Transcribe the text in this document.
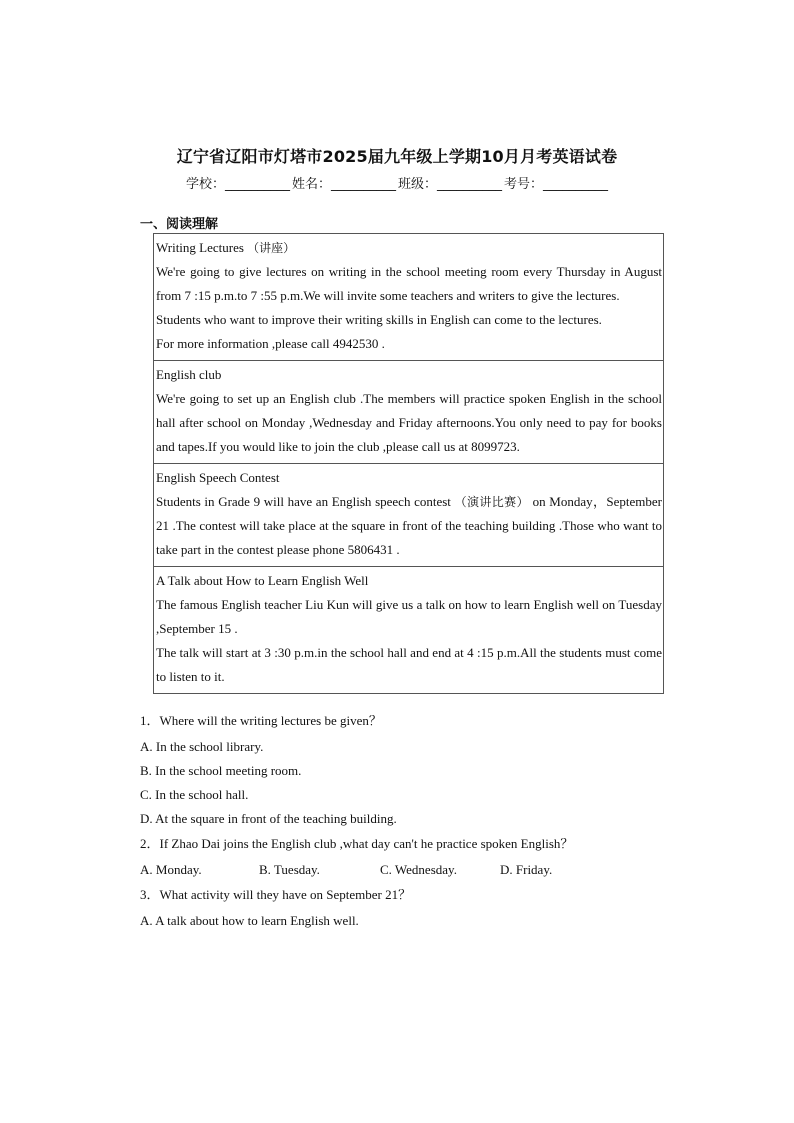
辽宁省辽阳市灯塔市2025届九年级上学期10月月考英语试卷
学校：__________ 姓名：__________ 班级：__________ 考号：__________
一、阅读理解
Writing Lectures （讲座）
We're going to give lectures on writing in the school meeting room every Thursday in August from 7 :15 p.m.to 7 :55 p.m.We will invite some teachers and writers to give the lectures.
Students who want to improve their writing skills in English can come to the lectures.
For more information ,please call 4942530 .

English club
We're going to set up an English club .The members will practice spoken English in the school hall after school on Monday ,Wednesday and Friday afternoons.You only need to pay for books and tapes.If you would like to join the club ,please call us at 8099723.

English Speech Contest
Students in Grade 9 will have an English speech contest （演讲比赛） on Monday，September 21 .The contest will take place at the square in front of the teaching building .Those who want to take part in the contest please phone 5806431 .

A Talk about How to Learn English Well
The famous English teacher Liu Kun will give us a talk on how to learn English well on Tuesday ,September 15 .
The talk will start at 3 :30 p.m.in the school hall and end at 4 :15 p.m.All the students must come to listen to it.
1．Where will the writing lectures be given？
A. In the school library.
B. In the school meeting room.
C. In the school hall.
D. At the square in front of the teaching building.
2．If Zhao Dai joins the English club ,what day can't he practice spoken English？
A. Monday.	B. Tuesday.	C. Wednesday.	D. Friday.
3．What activity will they have on September 21？
A. A talk about how to learn English well.
